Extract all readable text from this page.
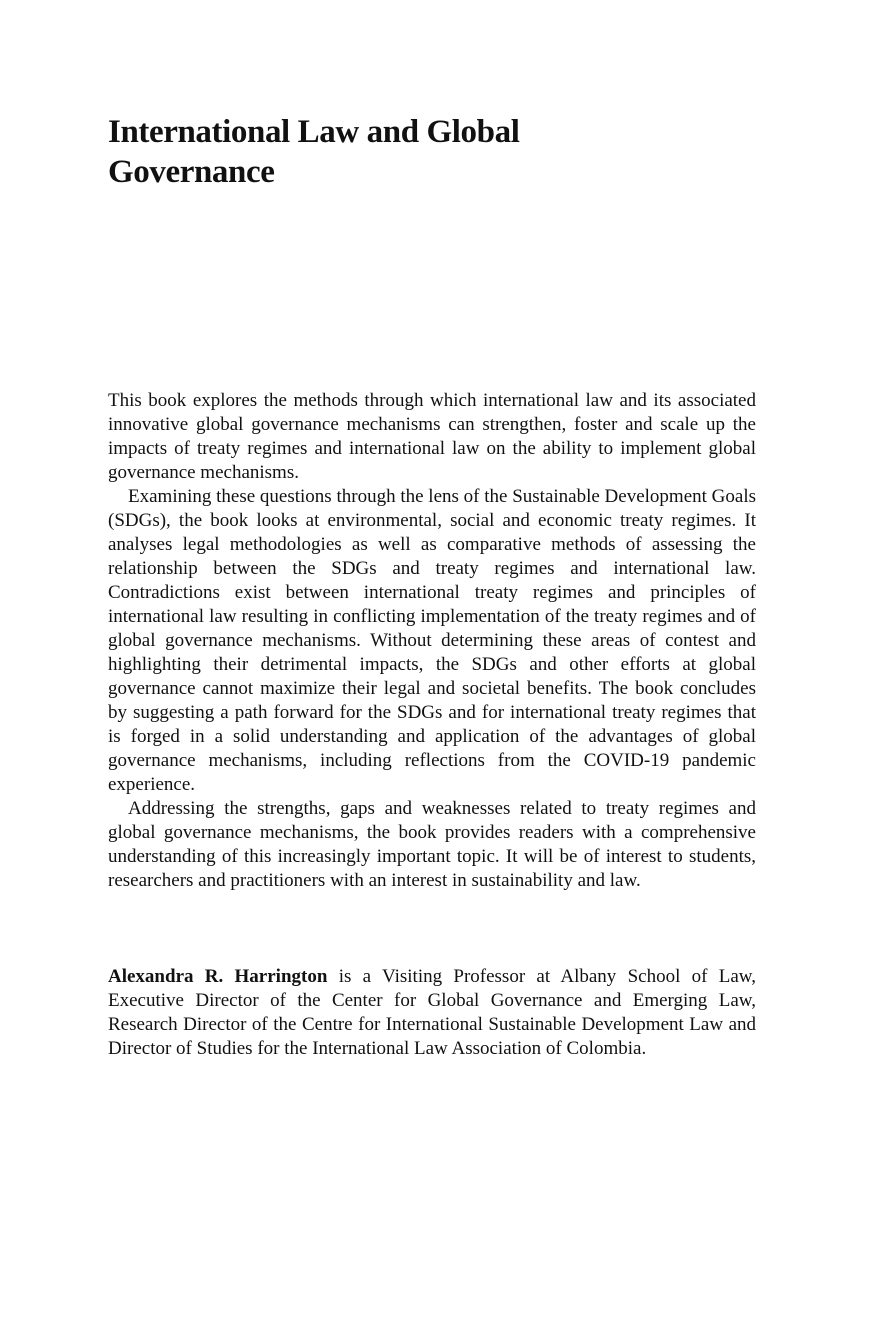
International Law and Global
Governance

This book explores the methods through which international law and its associated innovative global governance mechanisms can strengthen, foster and scale up the impacts of treaty regimes and international law on the ability to implement global governance mechanisms.

Examining these questions through the lens of the Sustainable Development Goals (SDGs), the book looks at environmental, social and economic treaty regimes. It analyses legal methodologies as well as comparative methods of assessing the relationship between the SDGs and treaty regimes and international law. Contradictions exist between international treaty regimes and principles of international law resulting in conflicting implementation of the treaty regimes and of global governance mechanisms. Without determining these areas of contest and highlighting their detrimental impacts, the SDGs and other efforts at global governance cannot maximize their legal and societal benefits. The book concludes by suggesting a path forward for the SDGs and for international treaty regimes that is forged in a solid understanding and application of the advantages of global governance mechanisms, including reflections from the COVID-19 pandemic experience.

Addressing the strengths, gaps and weaknesses related to treaty regimes and global governance mechanisms, the book provides readers with a comprehensive understanding of this increasingly important topic. It will be of interest to students, researchers and practitioners with an interest in sustainability and law.

Alexandra R. Harrington is a Visiting Professor at Albany School of Law, Executive Director of the Center for Global Governance and Emerging Law, Research Director of the Centre for International Sustainable Development Law and Director of Studies for the International Law Association of Colombia.
